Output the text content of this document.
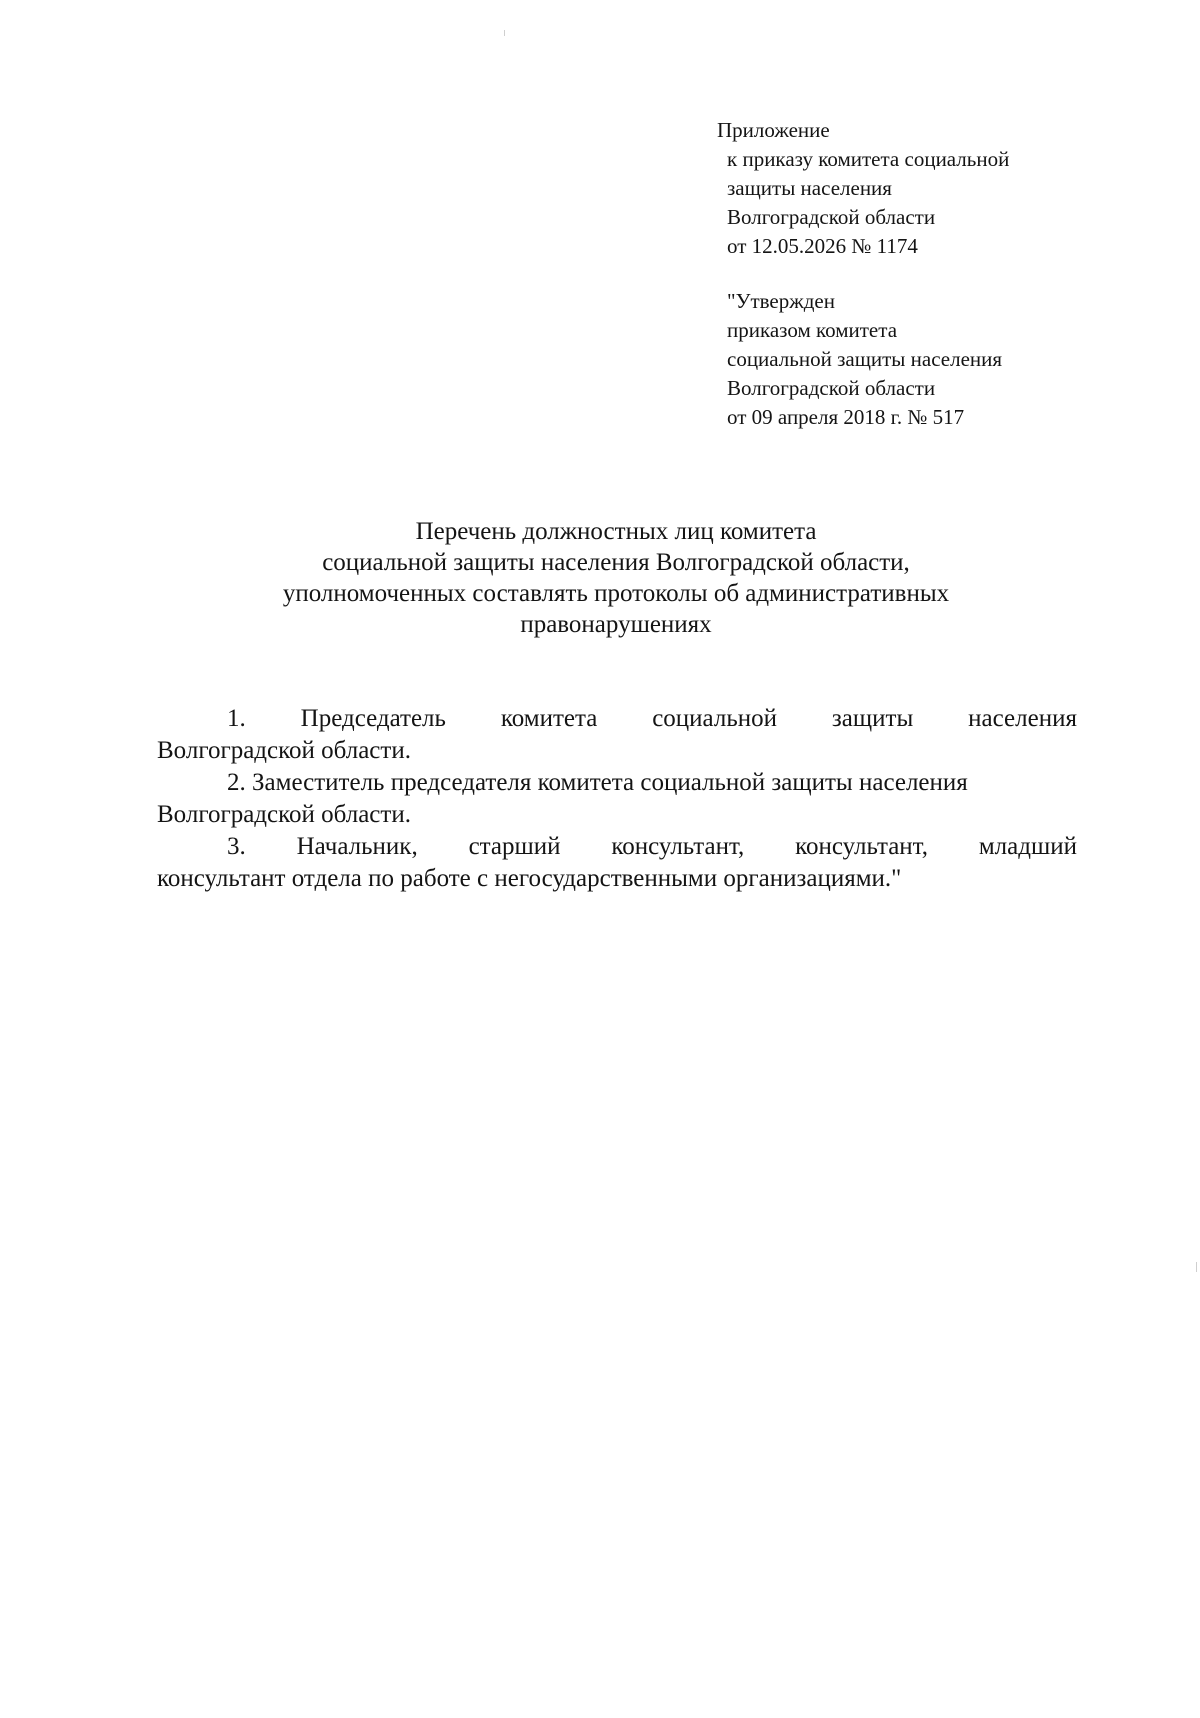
Приложение
к приказу комитета социальной
защиты населения
Волгоградской области
от 12.05.2026 № 1174
"Утвержден
приказом комитета
социальной защиты населения
Волгоградской области
от 09 апреля 2018 г. № 517
Перечень должностных лиц комитета
социальной защиты населения Волгоградской области,
уполномоченных составлять протоколы об административных
правонарушениях
1. Председатель комитета социальной защиты населения
Волгоградской области.
2. Заместитель председателя комитета социальной защиты населения
Волгоградской области.
3. Начальник, старший консультант, консультант, младший
консультант отдела по работе с негосударственными организациями."
